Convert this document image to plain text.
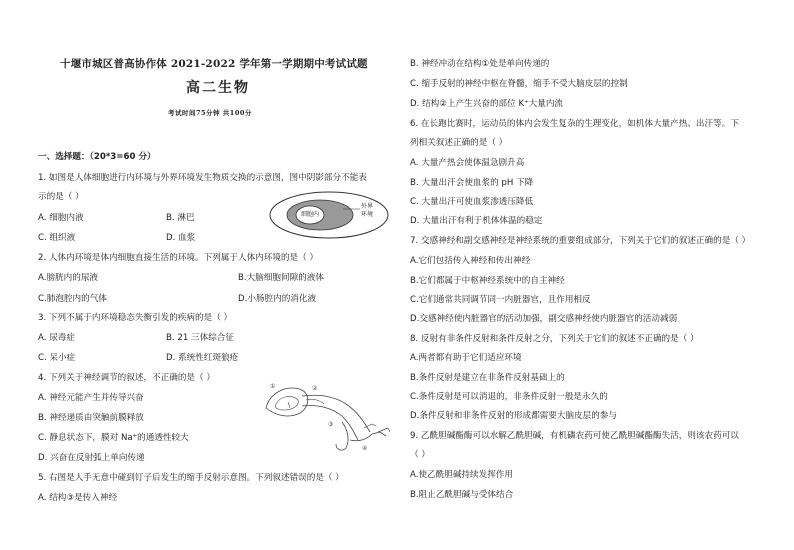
十堰市城区普高协作体 2021-2022 学年第一学期期中考试试题
高二生物
考试时间75分钟 共100分
一、选择题：（20*3=60 分）
1. 如图是人体细胞进行内环境与外界环境发生物质交换的示意图，图中阴影部分不能表
示的是（ ）
A. 细胞内液	B. 淋巴
C. 组织液	D. 血浆
细胞内
外界
环境
2. 人体内环境是体内细胞直接生活的环境。下列属于人体内环境的是（ ）
A.膀胱内的尿液	B.大脑细胞间隙的液体
C.肺泡腔内的气体	D.小肠腔内的消化液
3. 下列不属于内环境稳态失衡引发的疾病的是（ ）
A. 尿毒症	B. 21 三体综合征
C. 呆小症	D. 系统性红斑狼疮
4. 下列关于神经调节的叙述，不正确的是（ ）
A. 神经元能产生并传导兴奋
B. 神经递质由突触前膜释放
C. 静息状态下，膜对 Na⁺的通透性较大
D. 兴奋在反射弧上单向传递
①	②
③
④
5. 右图是人手无意中碰到钉子后发生的缩手反射示意图。下列叙述错误的是（ ）
A. 结构③是传入神经
B. 神经冲动在结构①处是单向传递的
C. 缩手反射的神经中枢在脊髓，缩手不受大脑皮层的控制
D. 结构②上产生兴奋的部位 K⁺大量内流
6. 在长跑比赛时，运动员的体内会发生复杂的生理变化，如机体大量产热、出汗等。下
列相关叙述正确的是（ ）
A. 大量产热会使体温急剧升高
B. 大量出汗会使血浆的 pH 下降
C. 大量出汗可使血浆渗透压降低
D. 大量出汗有利于机体体温的稳定
7. 交感神经和副交感神经是神经系统的重要组成部分，下列关于它们的叙述正确的是（ ）
A.它们包括传入神经和传出神经
B.它们都属于中枢神经系统中的自主神经
C.它们通常共同调节同一内脏器官，且作用相反
D.交感神经使内脏器官的活动加强，副交感神经使内脏器官的活动减弱
8. 反射有非条件反射和条件反射之分，下列关于它们的叙述不正确的是（ ）
A.两者都有助于它们适应环境
B.条件反射是建立在非条件反射基础上的
C.条件反射是可以消退的，非条件反射一般是永久的
D.条件反射和非条件反射的形成都需要大脑皮层的参与
9. 乙酰胆碱酯酶可以水解乙酰胆碱，有机磷农药可使乙酰胆碱酯酶失活，则该农药可以
（ ）
A.使乙酰胆碱持续发挥作用
B.阻止乙酰胆碱与受体结合
